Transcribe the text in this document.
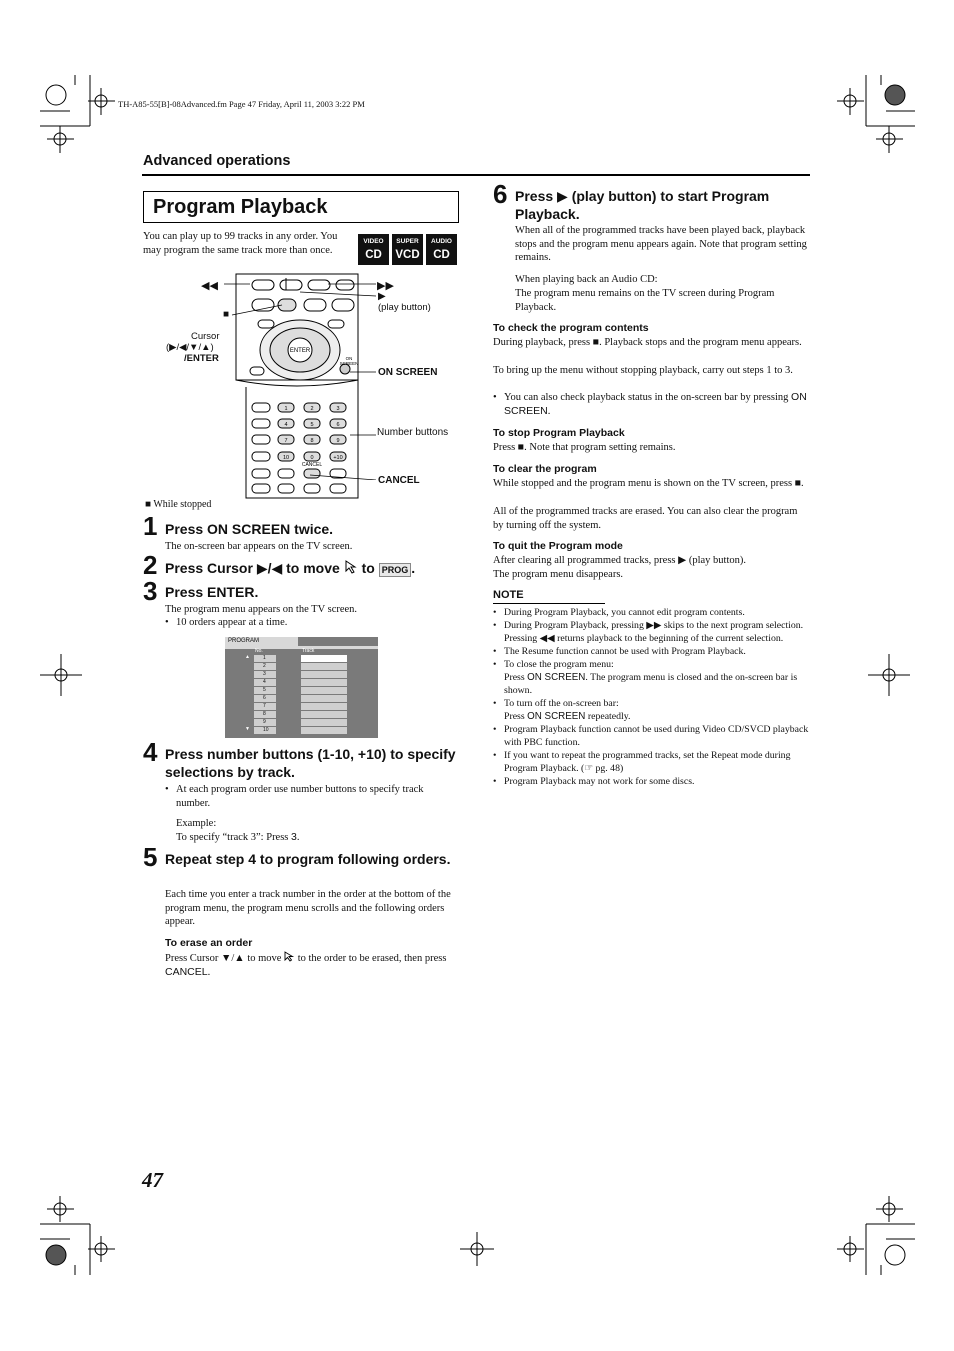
TH-A85-55[B]-08Advanced.fm Page 47 Friday, April 11, 2003 3:22 PM
Advanced operations
Program Playback
You can play up to 99 tracks in any order. You may program the same track more than once.
VIDEO
CD
SUPER
VCD
AUDIO
CD
ENTER
ON
SCREEN
CANCEL
1	2	3
4	5	6
7	8	9
10	0	+10
◀◀	▶▶
▶
(play button)
■
Cursor
(▶/◀/▼/▲)
/ENTER
ON SCREEN
Number buttons
CANCEL
■ While stopped
1 Press ON SCREEN twice.
The on-screen bar appears on the TV screen.
2 Press Cursor ▶/◀ to move to PROG .
3 Press ENTER.
The program menu appears on the TV screen.
• 10 orders appear at a time.
PROGRAM
No.	Track
▲
▼
1
2
3
4
5
6
7
8
9
10
4 Press number buttons (1-10, +10) to specify selections by track.
• At each program order use number buttons to specify track number.
Example:
To specify “track 3”: Press 3.
5 Repeat step 4 to program following orders.
Each time you enter a track number in the order at the bottom of the program menu, the program menu scrolls and the following orders appear.
To erase an order
Press Cursor ▼/▲ to move to the order to be erased, then press CANCEL.
6 Press ▶ (play button) to start Program Playback.
When all of the programmed tracks have been played back, playback stops and the program menu appears again. Note that program setting remains.
When playing back an Audio CD:
The program menu remains on the TV screen during Program Playback.
To check the program contents
During playback, press ■. Playback stops and the program menu appears.
To bring up the menu without stopping playback, carry out steps 1 to 3.
• You can also check playback status in the on-screen bar by pressing ON SCREEN.
To stop Program Playback
Press ■. Note that program setting remains.
To clear the program
While stopped and the program menu is shown on the TV screen, press ■.
All of the programmed tracks are erased. You can also clear the program by turning off the system.
To quit the Program mode
After clearing all programmed tracks, press ▶ (play button).
The program menu disappears.
NOTE
• During Program Playback, you cannot edit program contents.
• During Program Playback, pressing ▶▶ skips to the next program selection. Pressing ◀◀ returns playback to the beginning of the current selection.
• The Resume function cannot be used with Program Playback.
• To close the program menu:
Press ON SCREEN. The program menu is closed and the on-screen bar is shown.
• To turn off the on-screen bar:
Press ON SCREEN repeatedly.
• Program Playback function cannot be used during Video CD/SVCD playback with PBC function.
• If you want to repeat the programmed tracks, set the Repeat mode during Program Playback. (☞ pg. 48)
• Program Playback may not work for some discs.
47
